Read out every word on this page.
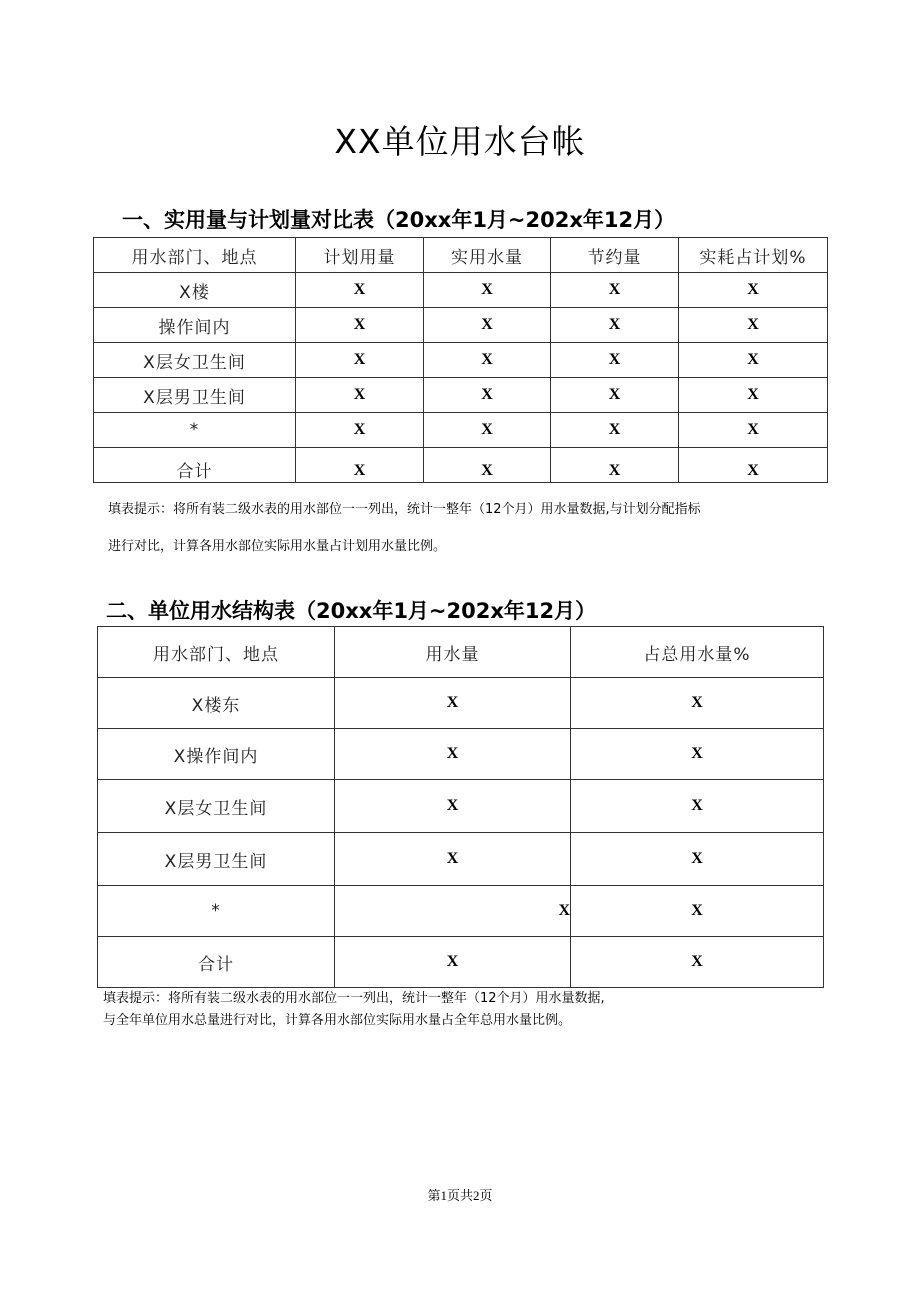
XX单位用水台帐
一、实用量与计划量对比表（20xx年1月~202x年12月）
用水部门、地点	计划用量	实用水量	节约量	实耗占计划%
X楼	X	X	X	X
操作间内	X	X	X	X
X层女卫生间	X	X	X	X
X层男卫生间	X	X	X	X
*	X	X	X	X
合计	X	X	X	X
填表提示：将所有装二级水表的用水部位一一列出，统计一整年（12个月）用水量数据,与计划分配指标
进行对比，计算各用水部位实际用水量占计划用水量比例。
二、单位用水结构表（20xx年1月~202x年12月）
用水部门、地点	用水量	占总用水量%
X楼东	X	X
X操作间内	X	X
X层女卫生间	X	X
X层男卫生间	X	X
*	X	X
合计	X	X
填表提示：将所有装二级水表的用水部位一一列出，统计一整年（12个月）用水量数据,
与全年单位用水总量进行对比，计算各用水部位实际用水量占全年总用水量比例。
第1页共2页
